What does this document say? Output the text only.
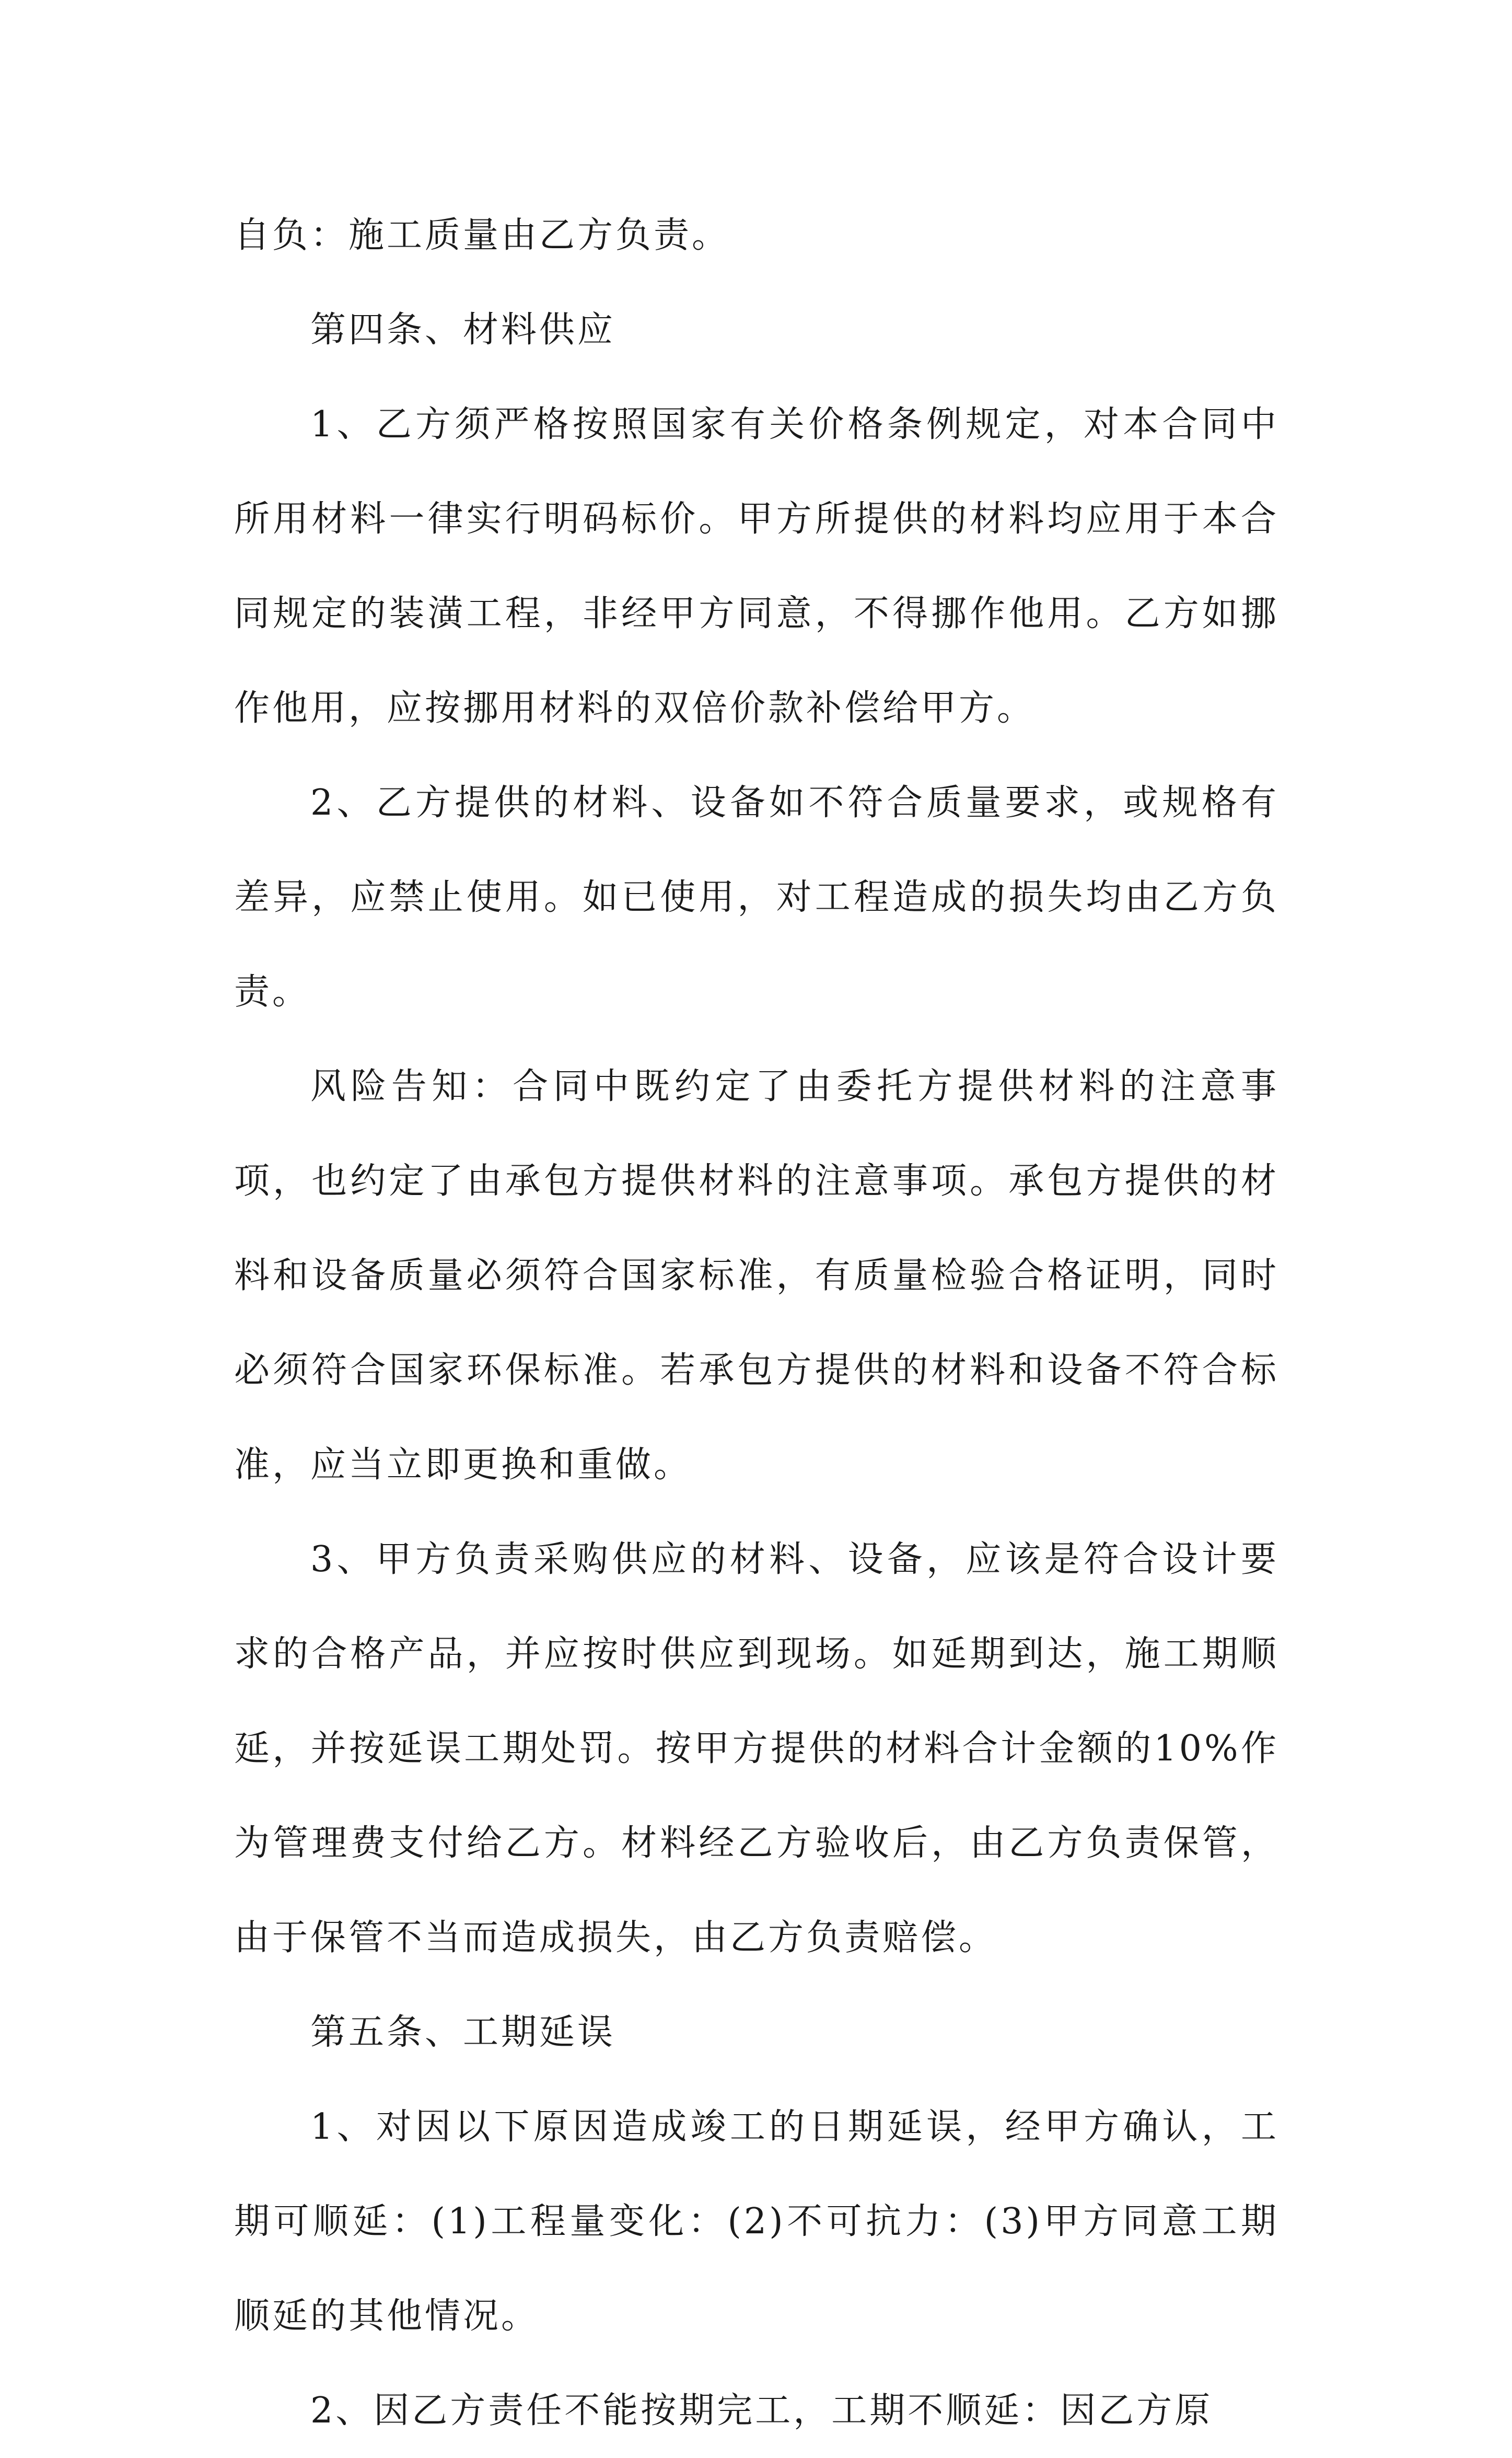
自负：施工质量由乙方负责。

第四条、材料供应

1、乙方须严格按照国家有关价格条例规定，对本合同中所用材料一律实行明码标价。甲方所提供的材料均应用于本合同规定的装潢工程，非经甲方同意，不得挪作他用。乙方如挪作他用，应按挪用材料的双倍价款补偿给甲方。

2、乙方提供的材料、设备如不符合质量要求，或规格有差异，应禁止使用。如已使用，对工程造成的损失均由乙方负责。

风险告知：合同中既约定了由委托方提供材料的注意事项，也约定了由承包方提供材料的注意事项。承包方提供的材料和设备质量必须符合国家标准，有质量检验合格证明，同时必须符合国家环保标准。若承包方提供的材料和设备不符合标准，应当立即更换和重做。

3、甲方负责采购供应的材料、设备，应该是符合设计要求的合格产品，并应按时供应到现场。如延期到达，施工期顺延，并按延误工期处罚。按甲方提供的材料合计金额的10%作为管理费支付给乙方。材料经乙方验收后，由乙方负责保管，由于保管不当而造成损失，由乙方负责赔偿。

第五条、工期延误

1、对因以下原因造成竣工的日期延误，经甲方确认，工期可顺延：(1)工程量变化：(2)不可抗力：(3)甲方同意工期顺延的其他情况。

2、因乙方责任不能按期完工，工期不顺延：因乙方原
